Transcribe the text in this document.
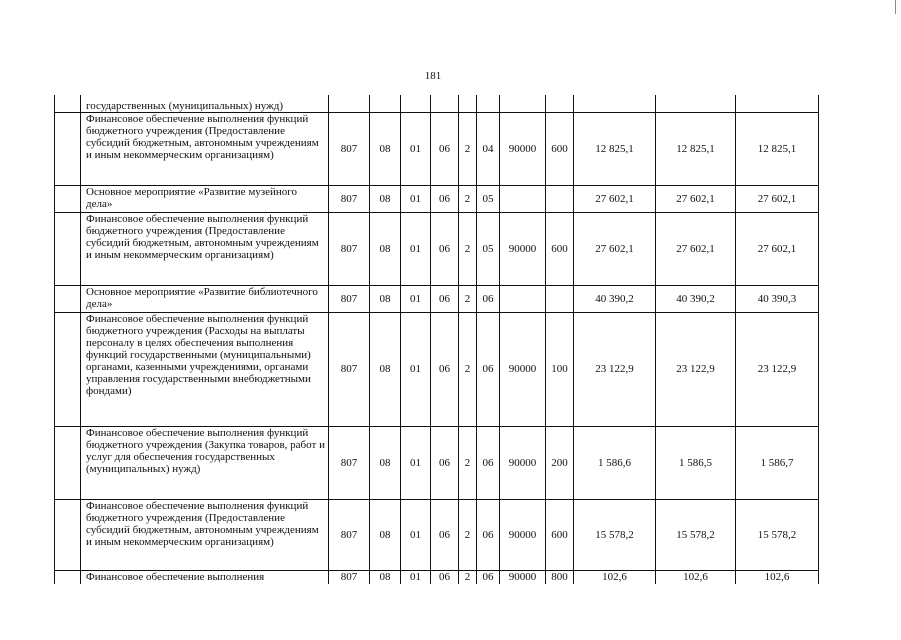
181
	государственных (муниципальных) нужд)											
	Финансовое обеспечение выполнения функций бюджетного учреждения (Предоставление субсидий бюджетным, автономным учреждениям и иным некоммерческим организациям)	807	08	01	06	2	04	90000	600	12 825,1	12 825,1	12 825,1
	Основное мероприятие «Развитие музейного дела»	807	08	01	06	2	05			27 602,1	27 602,1	27 602,1
	Финансовое обеспечение выполнения функций бюджетного учреждения (Предоставление субсидий бюджетным, автономным учреждениям и иным некоммерческим организациям)	807	08	01	06	2	05	90000	600	27 602,1	27 602,1	27 602,1
	Основное мероприятие «Развитие библиотечного дела»	807	08	01	06	2	06			40 390,2	40 390,2	40 390,3
	Финансовое обеспечение выполнения функций бюджетного учреждения (Расходы на выплаты персоналу в целях обеспечения выполнения функций государственными (муниципальными) органами, казенными учреждениями, органами управления государственными внебюджетными фондами)	807	08	01	06	2	06	90000	100	23 122,9	23 122,9	23 122,9
	Финансовое обеспечение выполнения функций бюджетного учреждения (Закупка товаров, работ и услуг для обеспечения государственных (муниципальных) нужд)	807	08	01	06	2	06	90000	200	1 586,6	1 586,5	1 586,7
	Финансовое обеспечение выполнения функций бюджетного учреждения (Предоставление субсидий бюджетным, автономным учреждениям и иным некоммерческим организациям)	807	08	01	06	2	06	90000	600	15 578,2	15 578,2	15 578,2
	Финансовое обеспечение выполнения	807	08	01	06	2	06	90000	800	102,6	102,6	102,6
